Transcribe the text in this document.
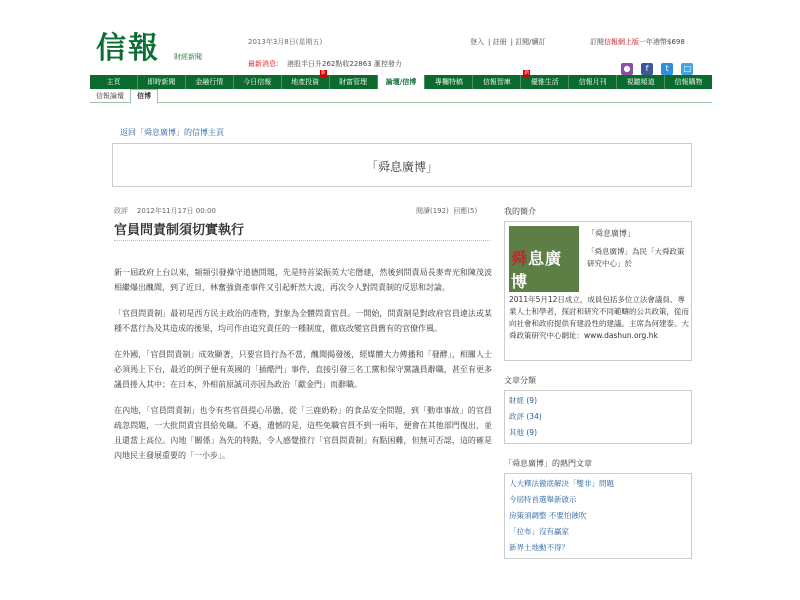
信報 財經新聞
2013年3月8日(星期五)	登入 | 註冊 | 訂閱/續訂	訂閱信報網上版一年港幣$698
最新消息： 港股半日升262點收22863 滙控發力	● f t □
主頁	即時新聞	金融行情	今日信報	地產投資
新
財富管理	論壇/信博	專欄特稿	信報智庫
新
優雅生活	信報月刊	視聽頻道	信報購物
信報論壇 信博
返回「舜息廣博」的信博主頁
「舜息廣博」
政評 2012年11月17日 00:00	閱讀(192) 回應(5)
官員問責制須切實執行

新一屆政府上台以來，頻頻引發操守道德問題，先是特首梁振英大宅僭建，然後到問責局長麥齊光和陳茂波相繼爆出醜聞，到了近日，林奮強資產事件又引起軒然大波，再次令人對問責制的反思和討論。

「官員問責制」最初是西方民主政治的產物，對象為全體問責官員。一開始，問責制是對政府官員違法或某種不當行為及其造成的後果，均可作由追究責任的一種制度，徹底改變官員舊有的官僚作風。

在外國，「官員問責制」成效顯著，只要官員行為不當，醜聞揭發後，經媒體大力傳播和「發酵」，相關人士必須馬上下台，最近的例子便有英國的「插酷門」事件，直接引發三名工黨和保守黨議員辭職，甚至有更多議員捲入其中；在日本，外相前原誠司亦因為政治「獻金門」而辭職。

在內地，「官員問責制」也令有些官員提心吊膽，從「三鹿奶粉」的食品安全問題，到「動車事故」的官員疏忽問題，一大批問責官員給免職。不過，遺憾的是，這些免職官員不到一兩年，便會在其他部門復出，並且還當上高位。內地「關係」為先的特點，令人感覺推行「官員問責制」有點困難，但無可否認，這的確是內地民主發展重要的「一小步」。

我的簡介
舜息廣博
「舜息廣博」
「舜息廣博」為民「大舜政策研究中心」於
2011年5月12日成立，成員包括多位立法會議員、專業人士和學者，探討和研究不同範疇的公共政策，從而向社會和政府提供有建設性的建議。主席為何建泰。大舜政策研究中心網址：www.dashun.org.hk
文章分類
財經 (9)
政評 (34)
其他 (9)
「舜息廣博」的熱門文章
人大釋法徹底解決「雙非」問題
今屆特首選舉新啟示
房策須調整 不要怕蝕吹
「拉布」沒有贏家
新界土地動不得？
